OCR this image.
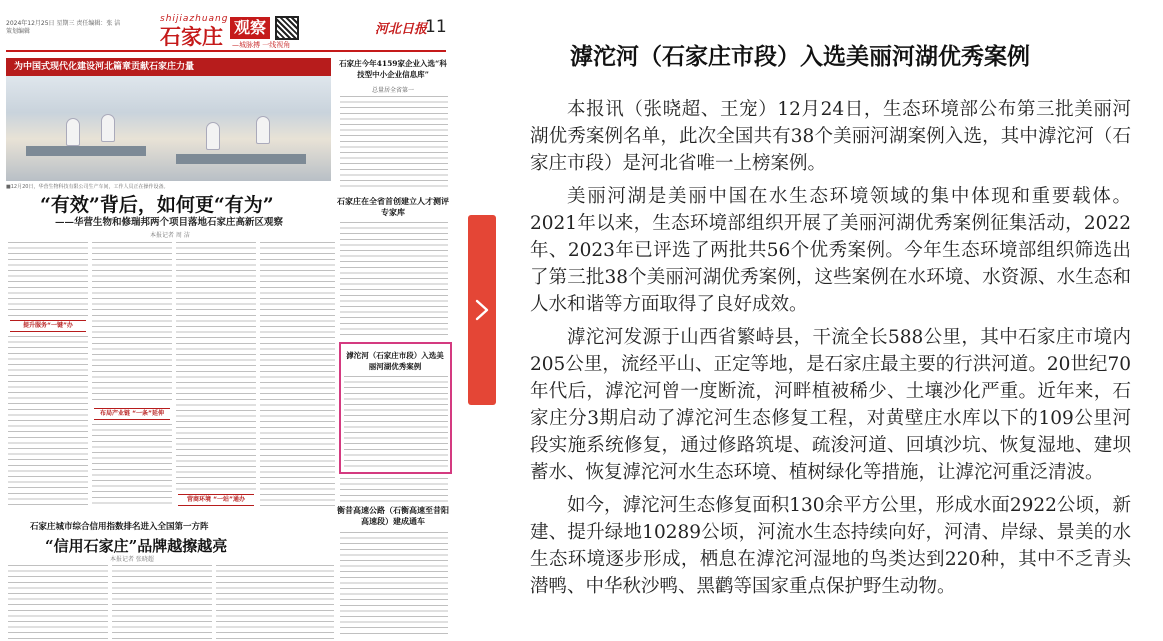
2024年12月25日 星期三 责任编辑：张 洁 策划编辑
shijiazhuang
石家庄 观察
—城脉搏 一线视角
河北日报
11
为中国式现代化建设河北篇章贡献石家庄力量
■12月20日，华营生物科技有限公司生产车间，工作人员正在操作设备。
“有效”背后，如何更“有为”
——华营生物和修瑞邦两个项目落地石家庄高新区观察
本报记者 周 洁
提升服务“一键”办
布局产业链 “一条”延伸
营商环境 “一站”通办
石家庄今年4159家企业入选“科技型中小企业信息库”
总量居全省第一
石家庄在全省首创建立人才测评专家库
滹沱河（石家庄市段）入选美丽河湖优秀案例
衡昔高速公路（石衡高速至昔阳高速段）建成通车
石家庄城市综合信用指数排名进入全国第一方阵
“信用石家庄”品牌越擦越亮
本报记者 张晓超
滹沱河（石家庄市段）入选美丽河湖优秀案例

本报讯（张晓超、王宠）12月24日，生态环境部公布第三批美丽河湖优秀案例名单，此次全国共有38个美丽河湖案例入选，其中滹沱河（石家庄市段）是河北省唯一上榜案例。

美丽河湖是美丽中国在水生态环境领域的集中体现和重要载体。2021年以来，生态环境部组织开展了美丽河湖优秀案例征集活动，2022年、2023年已评选了两批共56个优秀案例。今年生态环境部组织筛选出了第三批38个美丽河湖优秀案例，这些案例在水环境、水资源、水生态和人水和谐等方面取得了良好成效。

滹沱河发源于山西省繁峙县，干流全长588公里，其中石家庄市境内205公里，流经平山、正定等地，是石家庄最主要的行洪河道。20世纪70年代后，滹沱河曾一度断流，河畔植被稀少、土壤沙化严重。近年来，石家庄分3期启动了滹沱河生态修复工程，对黄壁庄水库以下的109公里河段实施系统修复，通过修路筑堤、疏浚河道、回填沙坑、恢复湿地、建坝蓄水、恢复滹沱河水生态环境、植树绿化等措施，让滹沱河重泛清波。

如今，滹沱河生态修复面积130余平方公里，形成水面2922公顷，新建、提升绿地10289公顷，河流水生态持续向好，河清、岸绿、景美的水生态环境逐步形成，栖息在滹沱河湿地的鸟类达到220种，其中不乏青头潜鸭、中华秋沙鸭、黑鹳等国家重点保护野生动物。
